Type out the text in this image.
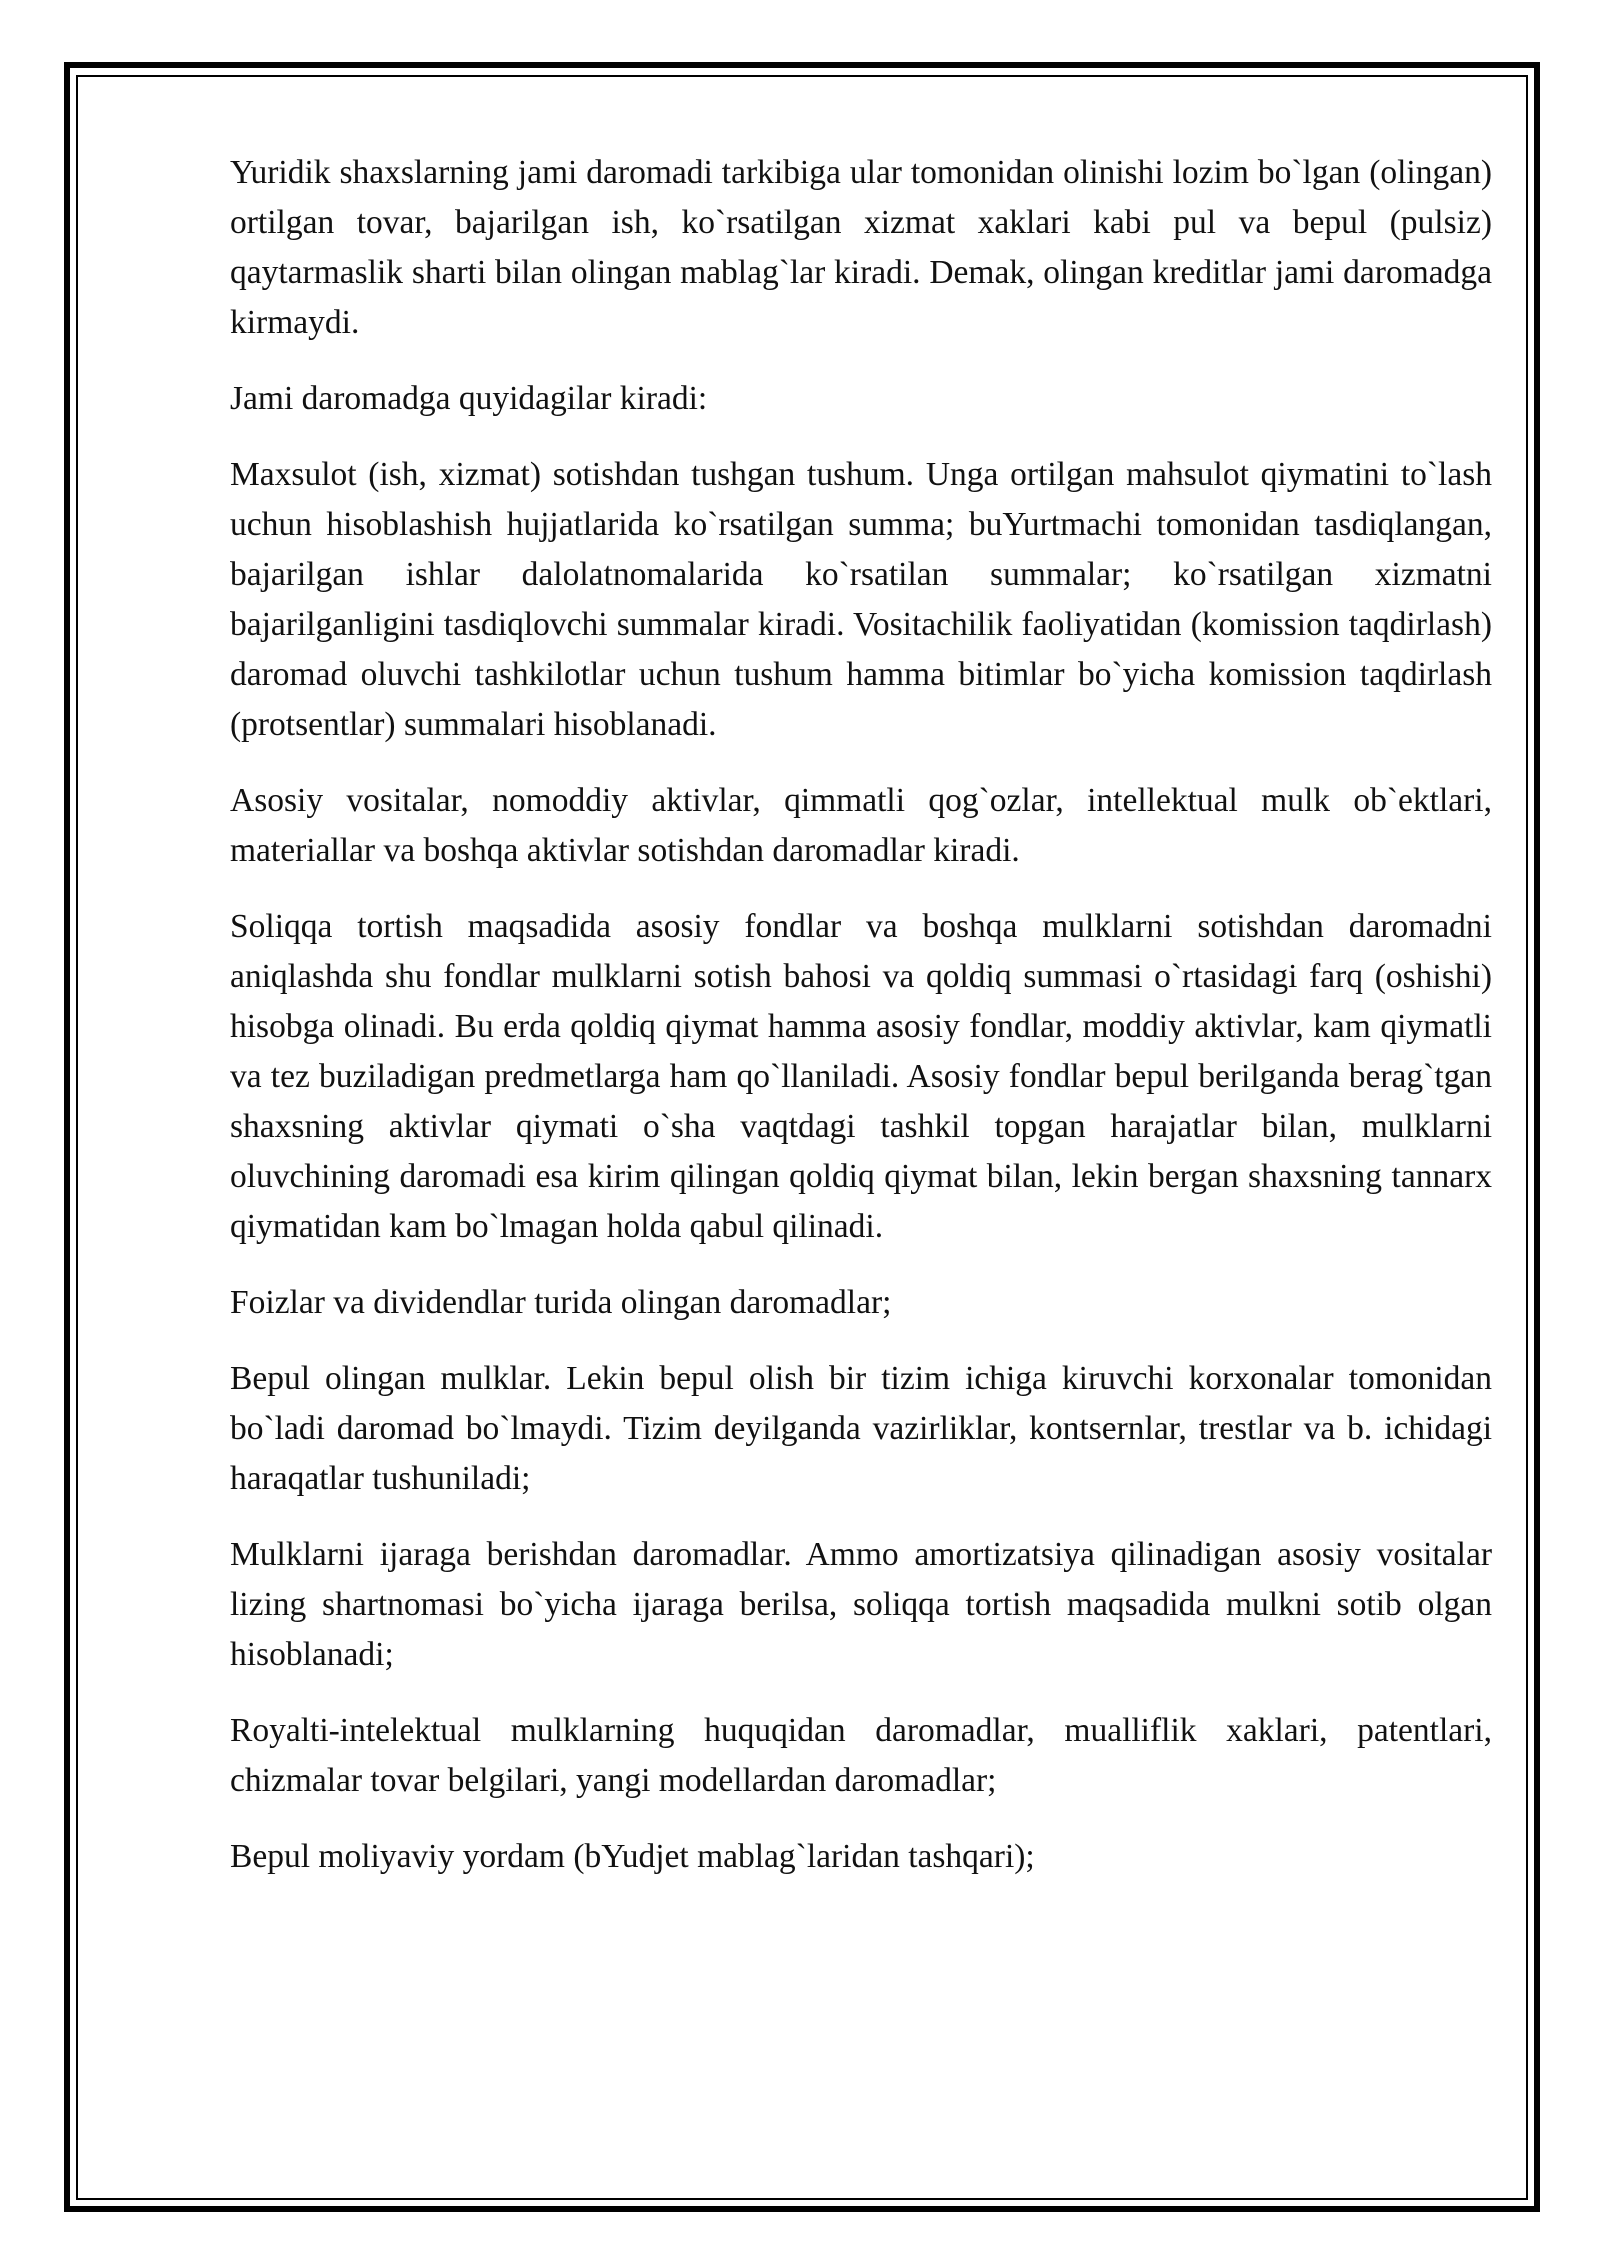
Yuridik shaxslarning jami daromadi tarkibiga ular tomonidan olinishi lozim bo`lgan (olingan) ortilgan tovar, bajarilgan ish, ko`rsatilgan xizmat xaklari kabi pul va bepul (pulsiz) qaytarmaslik sharti bilan olingan mablag`lar kiradi. Demak, olingan kreditlar jami daromadga kirmaydi.

Jami daromadga quyidagilar kiradi:

Maxsulot (ish, xizmat) sotishdan tushgan tushum. Unga ortilgan mahsulot qiymatini to`lash uchun hisoblashish hujjatlarida ko`rsatilgan summa; buYurtmachi tomonidan tasdiqlangan, bajarilgan ishlar dalolatnomalarida ko`rsatilan summalar; ko`rsatilgan xizmatni bajarilganligini tasdiqlovchi summalar kiradi. Vositachilik faoliyatidan (komission taqdirlash) daromad oluvchi tashkilotlar uchun tushum hamma bitimlar bo`yicha komission taqdirlash (protsentlar) summalari hisoblanadi.

Asosiy vositalar, nomoddiy aktivlar, qimmatli qog`ozlar, intellektual mulk ob`ektlari, materiallar va boshqa aktivlar sotishdan daromadlar kiradi.

Soliqqa tortish maqsadida asosiy fondlar va boshqa mulklarni sotishdan daromadni aniqlashda shu fondlar mulklarni sotish bahosi va qoldiq summasi o`rtasidagi farq (oshishi) hisobga olinadi. Bu erda qoldiq qiymat hamma asosiy fondlar, moddiy aktivlar, kam qiymatli va tez buziladigan predmetlarga ham qo`llaniladi. Asosiy fondlar bepul berilganda berag`tgan shaxsning aktivlar qiymati o`sha vaqtdagi tashkil topgan harajatlar bilan, mulklarni oluvchining daromadi esa kirim qilingan qoldiq qiymat bilan, lekin bergan shaxsning tannarx qiymatidan kam bo`lmagan holda qabul qilinadi.

Foizlar va dividendlar turida olingan daromadlar;

Bepul olingan mulklar. Lekin bepul olish bir tizim ichiga kiruvchi korxonalar tomonidan bo`ladi daromad bo`lmaydi. Tizim deyilganda vazirliklar, kontsernlar, trestlar va b. ichidagi haraqatlar tushuniladi;

Mulklarni ijaraga berishdan daromadlar. Ammo amortizatsiya qilinadigan asosiy vositalar lizing shartnomasi bo`yicha ijaraga berilsa, soliqqa tortish maqsadida mulkni sotib olgan hisoblanadi;

Royalti-intelektual mulklarning huquqidan daromadlar, mualliflik xaklari, patentlari, chizmalar tovar belgilari, yangi modellardan daromadlar;

Bepul moliyaviy yordam (bYudjet mablag`laridan tashqari);
